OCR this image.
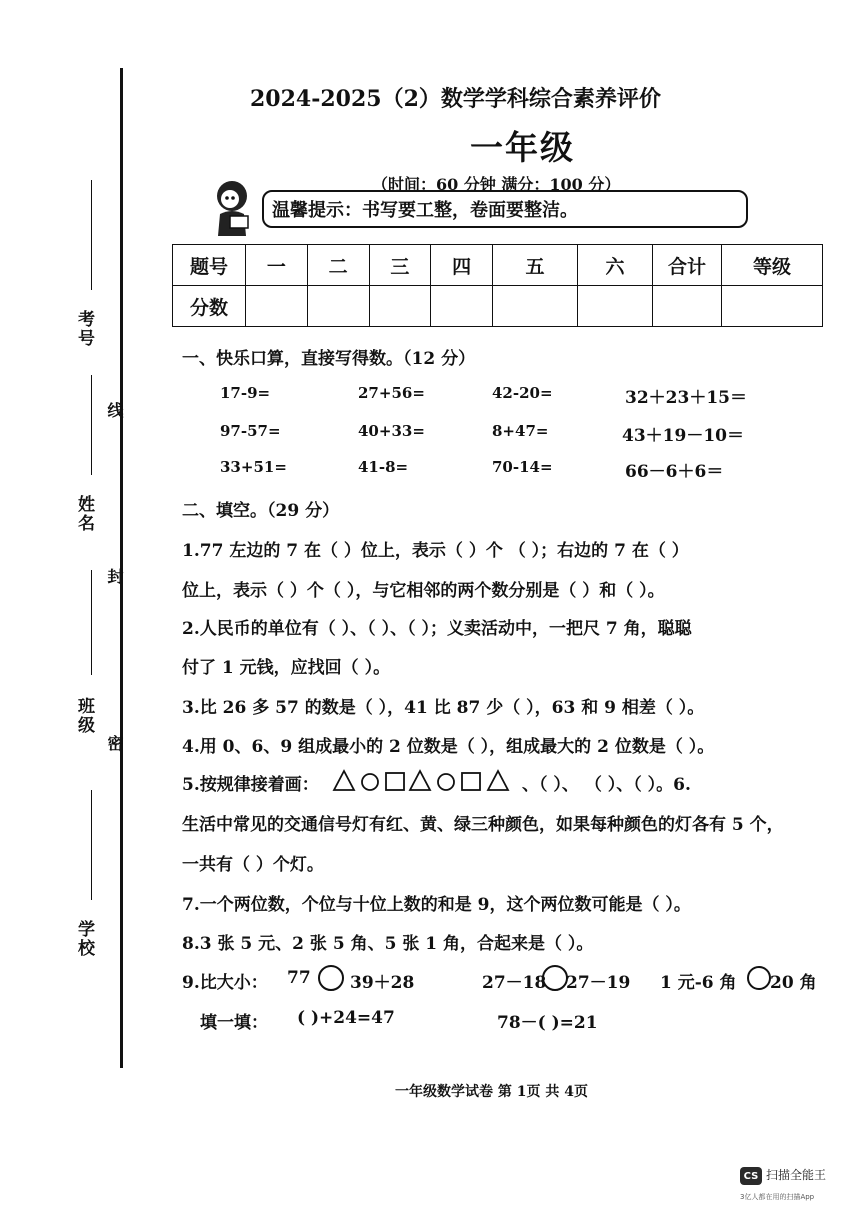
考号
姓名
班级
学校
线
封
密
2024-2025（2）数学学科综合素养评价
一年级
（时间：60 分钟 满分：100 分）
温馨提示：书写要工整，卷面要整洁。
题号	一	二	三	四	五	六	合计	等级
分数								
一、快乐口算，直接写得数。（12 分）
17-9=	27+56=	42-20=	32＋23＋15＝
97-57=	40+33=	8+47=	43＋19－10＝
33+51=	41-8=	70-14=	66－6＋6＝
二、填空。（29 分）
1.77 左边的 7 在（ ）位上，表示（ ）个 （ ）；右边的 7 在（ ）
位上，表示（ ）个（ ），与它相邻的两个数分别是（ ）和（ ）。
2.人民币的单位有（ ）、（ ）、（ ）；义卖活动中，一把尺 7 角，聪聪
付了 1 元钱，应找回（ ）。
3.比 26 多 57 的数是（ ），41 比 87 少（ ），63 和 9 相差（ ）。
4.用 0、6、9 组成最小的 2 位数是（ ），组成最大的 2 位数是（ ）。
5.按规律接着画：	、（ ）、 （ ）、（ ）。6.
生活中常见的交通信号灯有红、黄、绿三种颜色，如果每种颜色的灯各有 5 个，
一共有（ ）个灯。
7.一个两位数，个位与十位上数的和是 9，这个两位数可能是（ ）。
8.3 张 5 元、2 张 5 角、5 张 1 角，合起来是（ ）。
9.比大小： 77 39＋28	27－18 27－19 1 元-6 角 20 角
填一填： ( )+24=47	78－( )=21
一年级数学试卷 第 1页 共 4页
CS 扫描全能王
3亿人都在用的扫描App
